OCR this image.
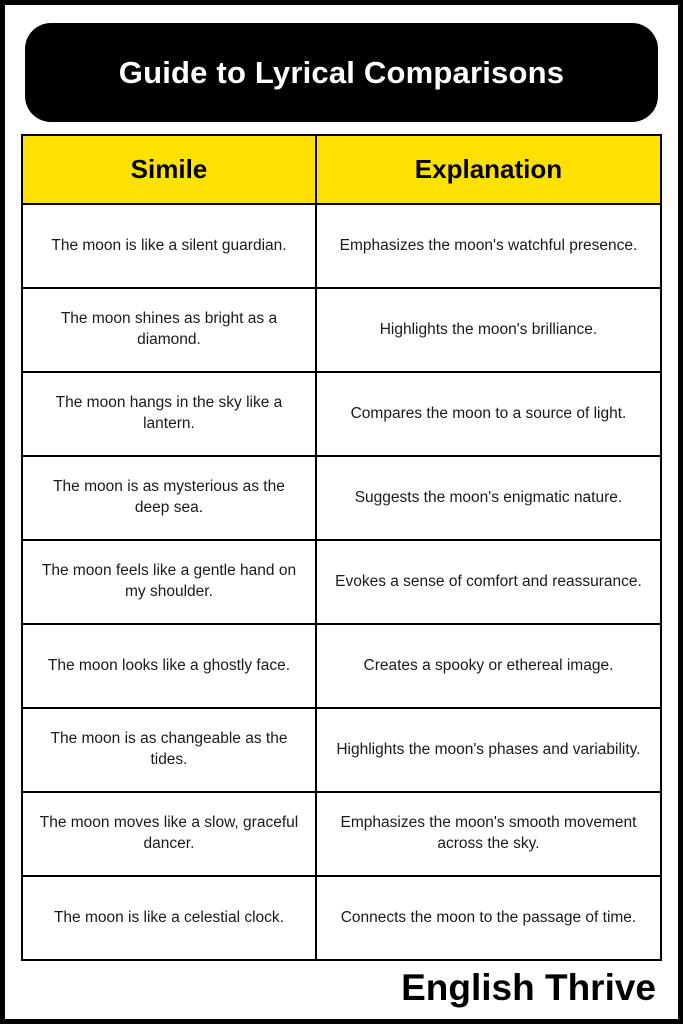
Guide to Lyrical Comparisons
Simile	Explanation
The moon is like a silent guardian.	Emphasizes the moon's watchful presence.
The moon shines as bright as a diamond.	Highlights the moon's brilliance.
The moon hangs in the sky like a lantern.	Compares the moon to a source of light.
The moon is as mysterious as the deep sea.	Suggests the moon's enigmatic nature.
The moon feels like a gentle hand on my shoulder.	Evokes a sense of comfort and reassurance.
The moon looks like a ghostly face.	Creates a spooky or ethereal image.
The moon is as changeable as the tides.	Highlights the moon's phases and variability.
The moon moves like a slow, graceful dancer.	Emphasizes the moon's smooth movement across the sky.
The moon is like a celestial clock.	Connects the moon to the passage of time.
English Thrive
